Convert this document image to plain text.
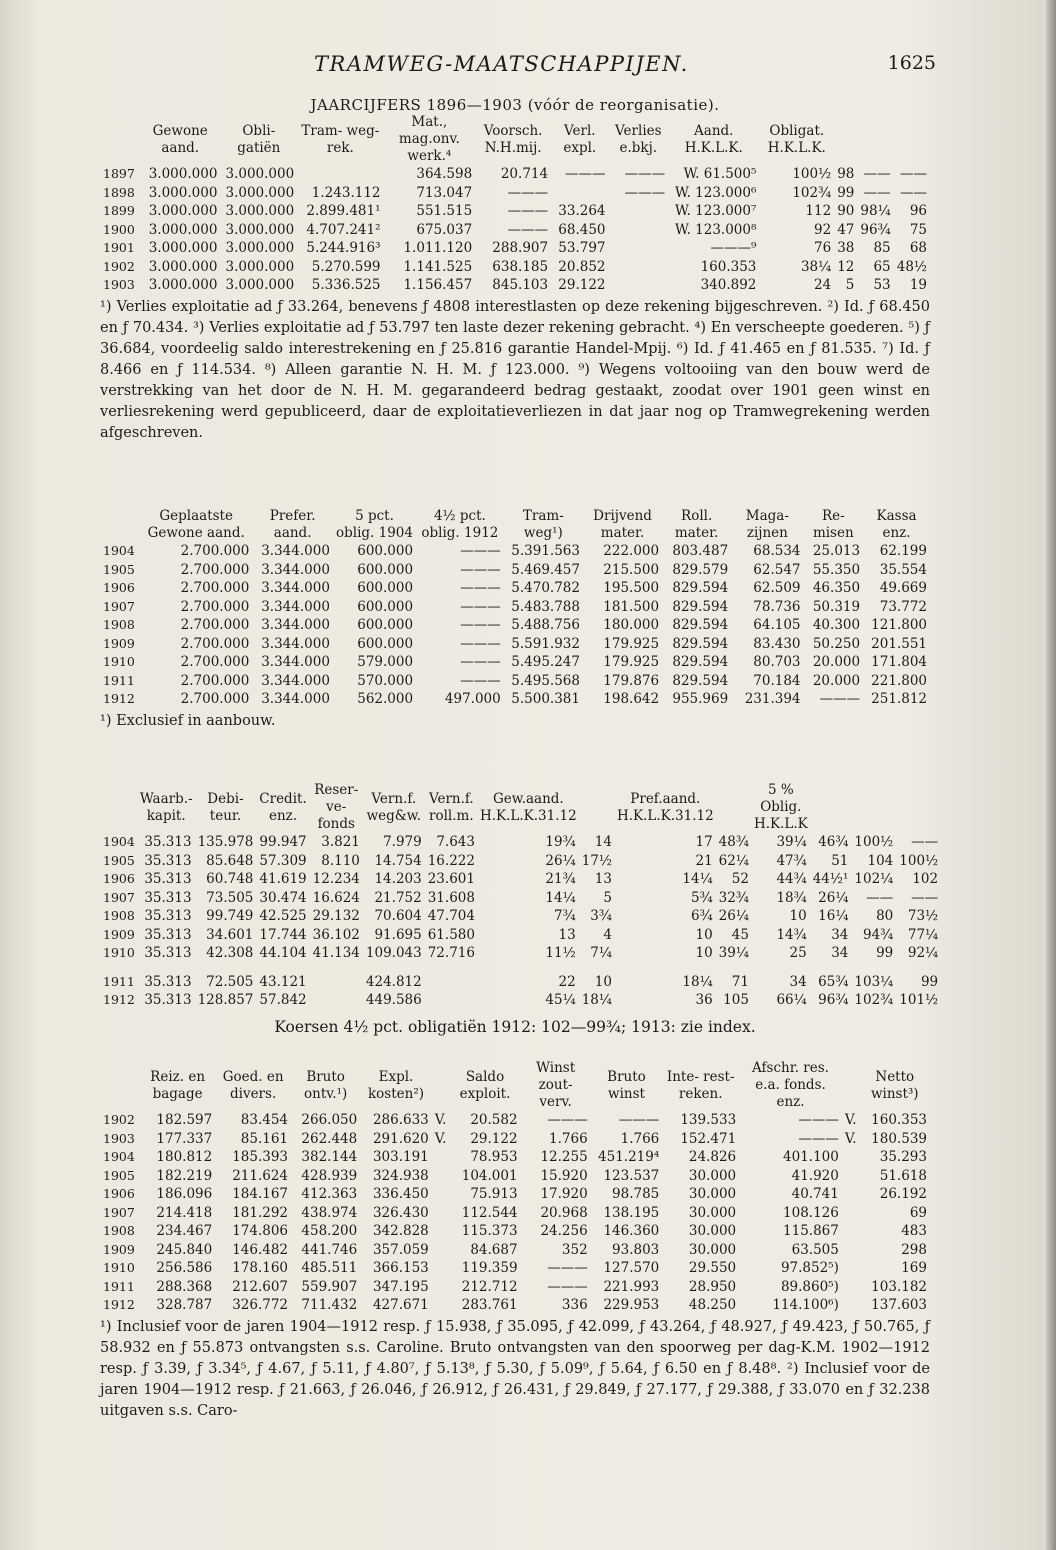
TRAMWEG-MAATSCHAPPIJEN.	1625
JAARCIJFERS 1896—1903 (vóór de reorganisatie).
	Gewone aand.	Obli- gatiën	Tram- weg-rek.	Mat., mag.onv. werk.⁴	Voorsch. N.H.mij.	Verl. expl.	Verlies e.bkj.	Aand. H.K.L.K.	Obligat. H.K.L.K.			
1897	3.000.000	3.000.000		364.598	20.714	———	———	W. 61.500⁵	100½	98	——	——
1898	3.000.000	3.000.000	1.243.112	713.047	———		———	W. 123.000⁶	102¾	99	——	——
1899	3.000.000	3.000.000	2.899.481¹	551.515	———	33.264		W. 123.000⁷	112	90	98¼	96
1900	3.000.000	3.000.000	4.707.241²	675.037	———	68.450		W. 123.000⁸	92	47	96¾	75
1901	3.000.000	3.000.000	5.244.916³	1.011.120	288.907	53.797		———⁹	76	38	85	68
1902	3.000.000	3.000.000	5.270.599	1.141.525	638.185	20.852		160.353	38¼	12	65	48½
1903	3.000.000	3.000.000	5.336.525	1.156.457	845.103	29.122		340.892	24	5	53	19
¹) Verlies exploitatie ad ƒ 33.264, benevens ƒ 4808 interestlasten op deze rekening bijgeschreven. ²) Id. ƒ 68.450 en ƒ 70.434. ³) Verlies exploitatie ad ƒ 53.797 ten laste dezer rekening gebracht. ⁴) En verscheepte goederen. ⁵) ƒ 36.684, voordeelig saldo interestrekening en ƒ 25.816 garantie Handel-Mpij. ⁶) Id. ƒ 41.465 en ƒ 81.535. ⁷) Id. ƒ 8.466 en ƒ 114.534. ⁸) Alleen garantie N. H. M. ƒ 123.000. ⁹) Wegens voltooiing van den bouw werd de verstrekking van het door de N. H. M. gegarandeerd bedrag gestaakt, zoodat over 1901 geen winst en verliesrekening werd gepubliceerd, daar de exploitatieverliezen in dat jaar nog op Tramwegrekening werden afgeschreven.
	Geplaatste Gewone aand.	Prefer. aand.	5 pct. oblig. 1904	4½ pct. oblig. 1912	Tram- weg¹)	Drijvend mater.	Roll. mater.	Maga- zijnen	Re- misen	Kassa enz.
1904	2.700.000	3.344.000	600.000	———	5.391.563	222.000	803.487	68.534	25.013	62.199
1905	2.700.000	3.344.000	600.000	———	5.469.457	215.500	829.579	62.547	55.350	35.554
1906	2.700.000	3.344.000	600.000	———	5.470.782	195.500	829.594	62.509	46.350	49.669
1907	2.700.000	3.344.000	600.000	———	5.483.788	181.500	829.594	78.736	50.319	73.772
1908	2.700.000	3.344.000	600.000	———	5.488.756	180.000	829.594	64.105	40.300	121.800
1909	2.700.000	3.344.000	600.000	———	5.591.932	179.925	829.594	83.430	50.250	201.551
1910	2.700.000	3.344.000	579.000	———	5.495.247	179.925	829.594	80.703	20.000	171.804
1911	2.700.000	3.344.000	570.000	———	5.495.568	179.876	829.594	70.184	20.000	221.800
1912	2.700.000	3.344.000	562.000	497.000	5.500.381	198.642	955.969	231.394	———	251.812
¹) Exclusief in aanbouw.
	Waarb.- kapit.	Debi- teur.	Credit. enz.	Reser- ve-fonds	Vern.f. weg&w.	Vern.f. roll.m.	Gew.aand. H.K.L.K.31.12		Pref.aand. H.K.L.K.31.12		5 % Oblig. H.K.L.K			
1904	35.313	135.978	99.947	3.821	7.979	7.643	19¾	14	17	48¾	39¼	46¾	100½	——
1905	35.313	85.648	57.309	8.110	14.754	16.222	26¼	17½	21	62¼	47¾	51	104	100½
1906	35.313	60.748	41.619	12.234	14.203	23.601	21¾	13	14¼	52	44¾	44½¹	102¼	102
1907	35.313	73.505	30.474	16.624	21.752	31.608	14¼	5	5¾	32¾	18¾	26¼	——	——
1908	35.313	99.749	42.525	29.132	70.604	47.704	7¾	3¾	6¾	26¼	10	16¼	80	73½
1909	35.313	34.601	17.744	36.102	91.695	61.580	13	4	10	45	14¾	34	94¾	77¼
1910	35.313	42.308	44.104	41.134	109.043	72.716	11½	7¼	10	39¼	25	34	99	92¼
1911	35.313	72.505	43.121		424.812		22	10	18¼	71	34	65¾	103¼	99
1912	35.313	128.857	57.842		449.586		45¼	18¼	36	105	66¼	96¾	102¾	101½
Koersen 4½ pct. obligatiën 1912: 102—99¾; 1913: zie index.
	Reiz. en bagage	Goed. en divers.	Bruto ontv.¹)	Expl. kosten²)		Saldo exploit.	Winst zout- verv.	Bruto winst	Inte- rest- reken.	Afschr. res. e.a. fonds. enz.		Netto winst³)
1902	182.597	83.454	266.050	286.633	V.	20.582	———	———	139.533	———	V.	160.353
1903	177.337	85.161	262.448	291.620	V.	29.122	1.766	1.766	152.471	———	V.	180.539
1904	180.812	185.393	382.144	303.191		78.953	12.255	451.219⁴	24.826	401.100		35.293
1905	182.219	211.624	428.939	324.938		104.001	15.920	123.537	30.000	41.920		51.618
1906	186.096	184.167	412.363	336.450		75.913	17.920	98.785	30.000	40.741		26.192
1907	214.418	181.292	438.974	326.430		112.544	20.968	138.195	30.000	108.126		69
1908	234.467	174.806	458.200	342.828		115.373	24.256	146.360	30.000	115.867		483
1909	245.840	146.482	441.746	357.059		84.687	352	93.803	30.000	63.505		298
1910	256.586	178.160	485.511	366.153		119.359	———	127.570	29.550	97.852⁵)		169
1911	288.368	212.607	559.907	347.195		212.712	———	221.993	28.950	89.860⁵)		103.182
1912	328.787	326.772	711.432	427.671		283.761	336	229.953	48.250	114.100⁶)		137.603
¹) Inclusief voor de jaren 1904—1912 resp. ƒ 15.938, ƒ 35.095, ƒ 42.099, ƒ 43.264, ƒ 48.927, ƒ 49.423, ƒ 50.765, ƒ 58.932 en ƒ 55.873 ontvangsten s.s. Caroline. Bruto ontvangsten van den spoorweg per dag-K.M. 1902—1912 resp. ƒ 3.39, ƒ 3.34⁵, ƒ 4.67, ƒ 5.11, ƒ 4.80⁷, ƒ 5.13⁸, ƒ 5.30, ƒ 5.09⁹, ƒ 5.64, ƒ 6.50 en ƒ 8.48⁸. ²) Inclusief voor de jaren 1904—1912 resp. ƒ 21.663, ƒ 26.046, ƒ 26.912, ƒ 26.431, ƒ 29.849, ƒ 27.177, ƒ 29.388, ƒ 33.070 en ƒ 32.238 uitgaven s.s. Caro-
